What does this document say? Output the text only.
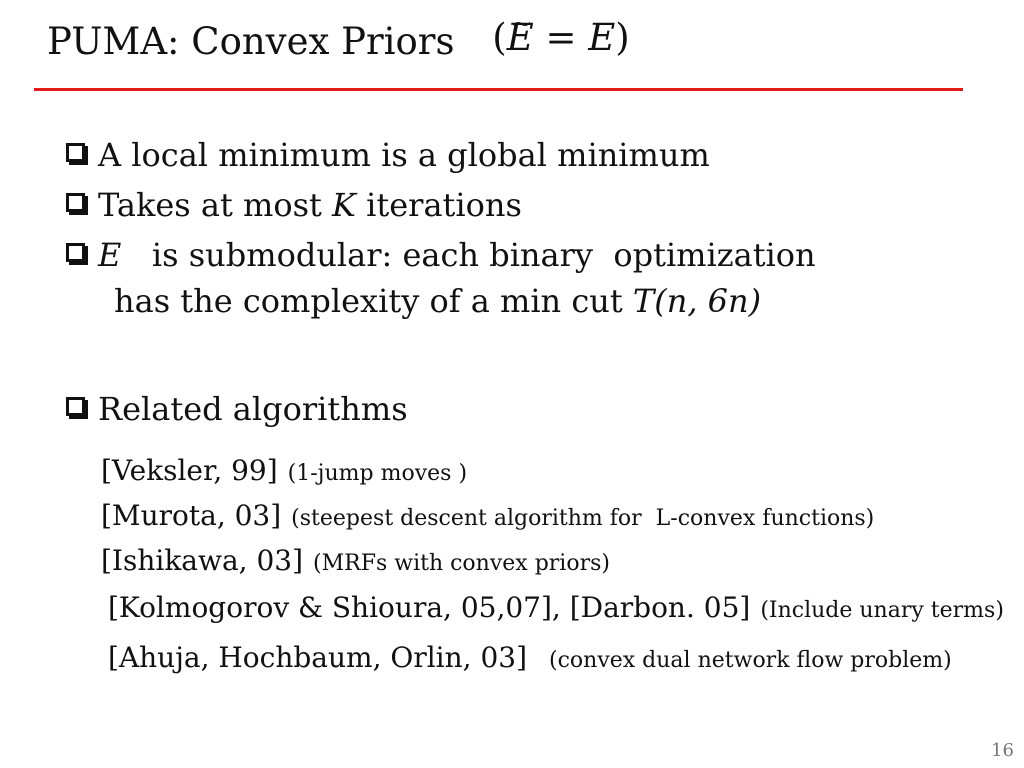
PUMA: Convex Priors (~ E = E)
A local minimum is a global minimum
Takes at most K iterations
E   is submodular: each binary  optimization
has the complexity of a min cut T(n, 6n)
Related algorithms
[Veksler, 99] (1-jump moves )
[Murota, 03] (steepest descent algorithm for  L-convex functions)
[Ishikawa, 03] (MRFs with convex priors)
[Kolmogorov & Shioura, 05,07], [Darbon. 05] (Include unary terms)
[Ahuja, Hochbaum, Orlin, 03] (convex dual network flow problem)
16
